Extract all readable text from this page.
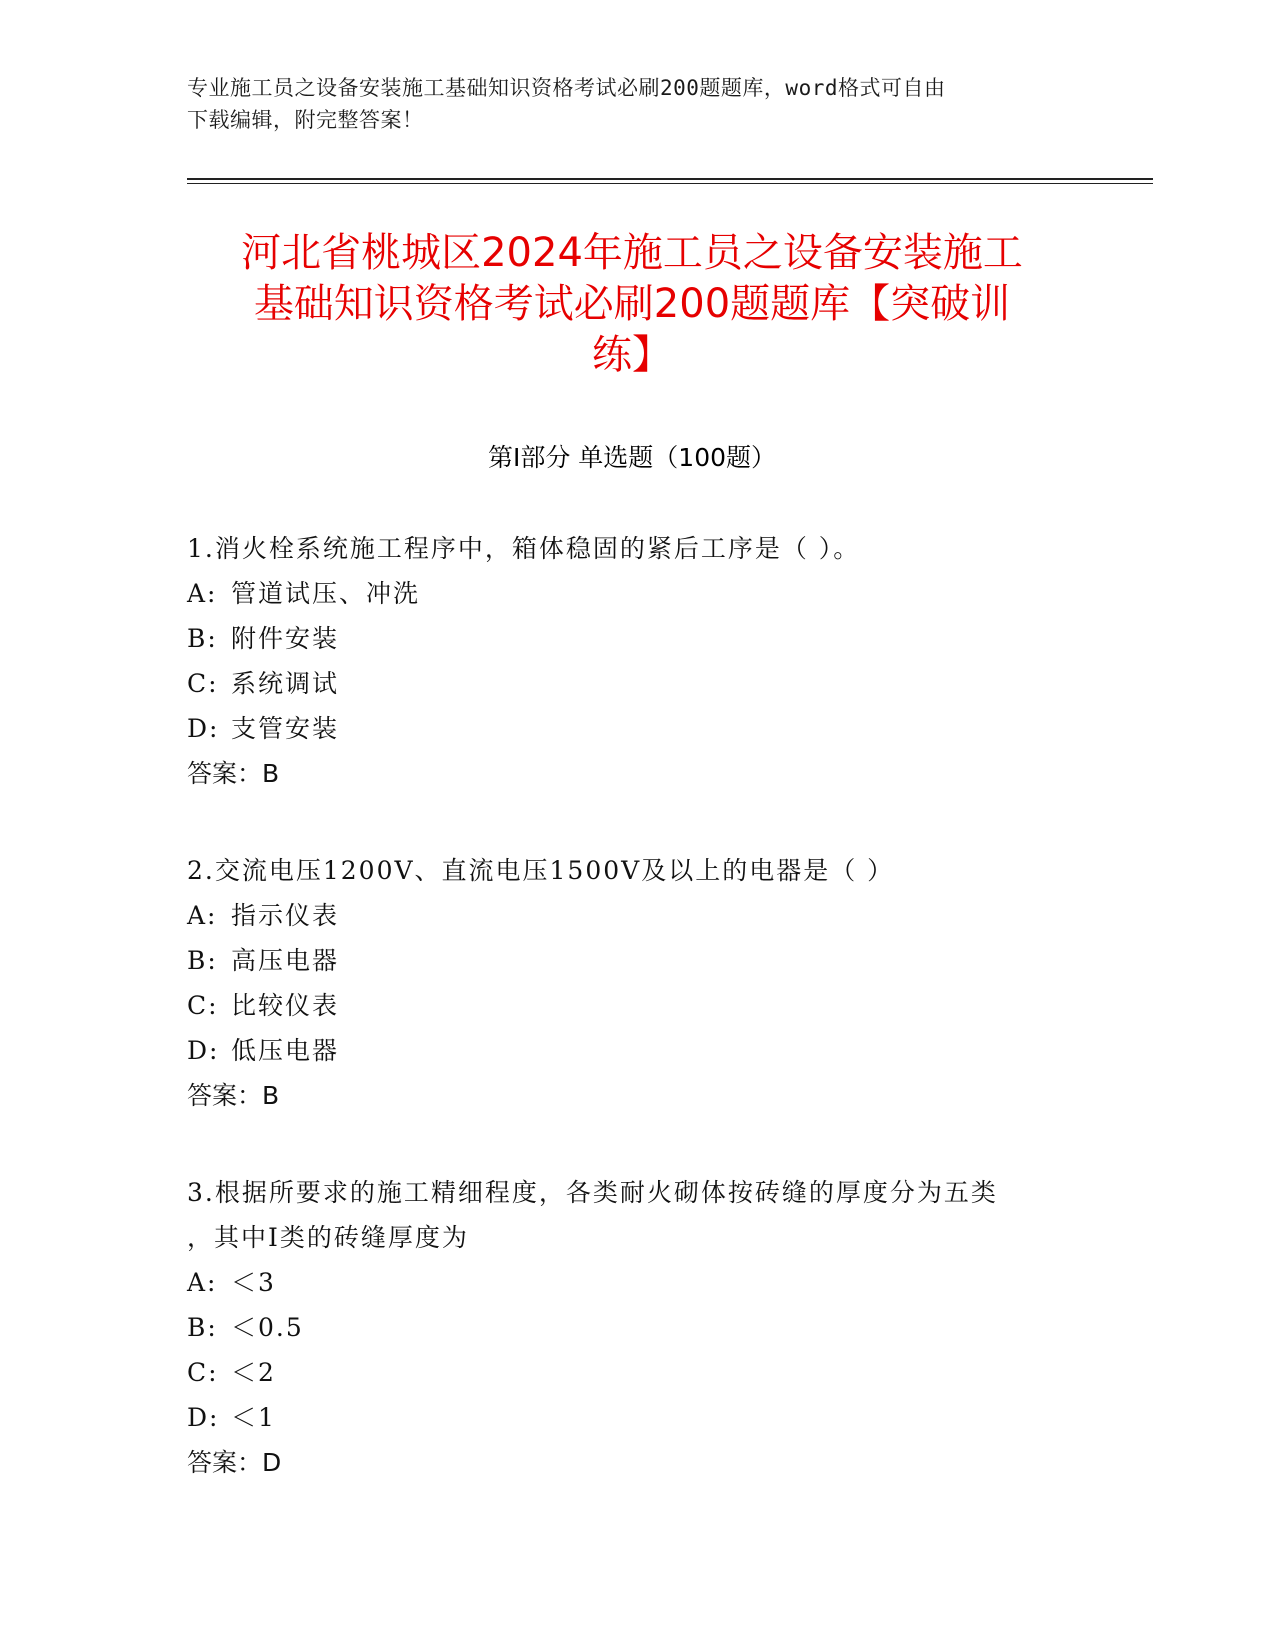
专业施工员之设备安装施工基础知识资格考试必刷200题题库，word格式可自由
下载编辑，附完整答案！
河北省桃城区2024年施工员之设备安装施工
基础知识资格考试必刷200题题库【突破训
练】
第I部分 单选题（100题）
1.消火栓系统施工程序中，箱体稳固的紧后工序是（ ）。
A: 管道试压、冲洗
B: 附件安装
C: 系统调试
D: 支管安装
答案：B
2.交流电压1200V、直流电压1500V及以上的电器是（ ）
A: 指示仪表
B: 高压电器
C: 比较仪表
D: 低压电器
答案：B
3.根据所要求的施工精细程度，各类耐火砌体按砖缝的厚度分为五类
，其中I类的砖缝厚度为
A: ＜3
B: ＜0.5
C: ＜2
D: ＜1
答案：D
